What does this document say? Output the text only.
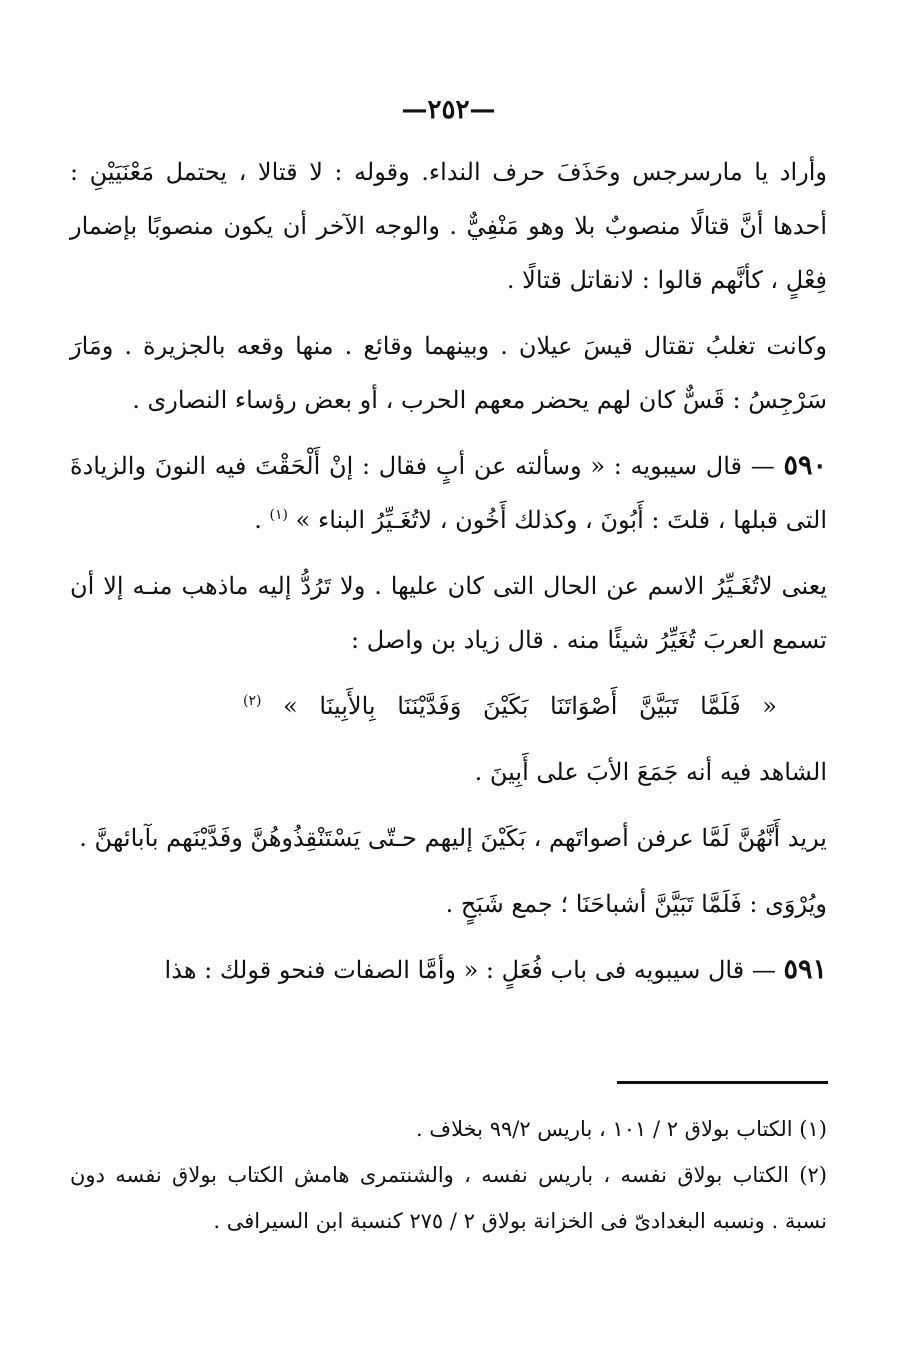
—٢٥٢—

وأراد يا مارسرجس وحَذَفَ حرف النداء. وقوله : لا قتالا ، يحتمل مَعْنَيَيْنِ : أحدها أنَّ قتالًا منصوبٌ بلا وهو مَنْفِيٌّ . والوجه الآخر أن يكون منصوبًا بإضمار فِعْلٍ ، كأنَّهم قالوا : لانقاتل قتالًا .

وكانت تغلبُ تقتال قيسَ عيلان . وبينهما وقائع . منها وقعه بالجزيرة . ومَارَ سَرْجِسُ : قَسٌّ كان لهم يحضر معهم الحرب ، أو بعض رؤساء النصارى .

٥٩٠ — قال سيبويه : « وسألته عن أبٍ فقال : إنْ أَلْحَقْتَ فيه النونَ والزيادةَ التى قبلها ، قلتَ : أَبُونَ ، وكذلك أَخُون ، لاتُغَـيِّرُ البناء » $^{(١)}$ .

يعنى لاتُغَـيِّرُ الاسم عن الحال التى كان عليها . ولا تَرُدُّ إليه ماذهب منـه إلا أن تسمع العربَ تُغَيِّرُ شيئًا منه . قال زياد بن واصل :

« فَلَمَّا تَبَيَّنَّ أَصْوَاتَنَا بَكَيْنَ وَفَدَّيْنَنَا بِالأَبِينَا » $^{(٢)}$

الشاهد فيه أنه جَمَعَ الأبَ على أَبِينَ .

يريد أَنَّهُنَّ لَمَّا عرفن أصواتَهم ، بَكَيْنَ إليهم حـتّى يَسْتَنْقِذُوهُنَّ وفَدَّيْنَهم بآبائهنَّ .

ويُرْوَى : فَلَمَّا تَبَيَّنَّ أشباحَنَا ؛ جمع شَبَحٍ .

٥٩١ — قال سيبويه فى باب فُعَلٍ : « وأمَّا الصفات فنحو قولك : هذا

(١) الكتاب بولاق ٢ / ١٠١ ، باريس ٩٩/٢ بخلاف .

(٢) الكتاب بولاق نفسه ، باريس نفسه ، والشنتمرى هامش الكتاب بولاق نفسه دون نسبة . ونسبه البغدادىّ فى الخزانة بولاق ٢ / ٢٧٥ كنسبة ابن السيرافى .
